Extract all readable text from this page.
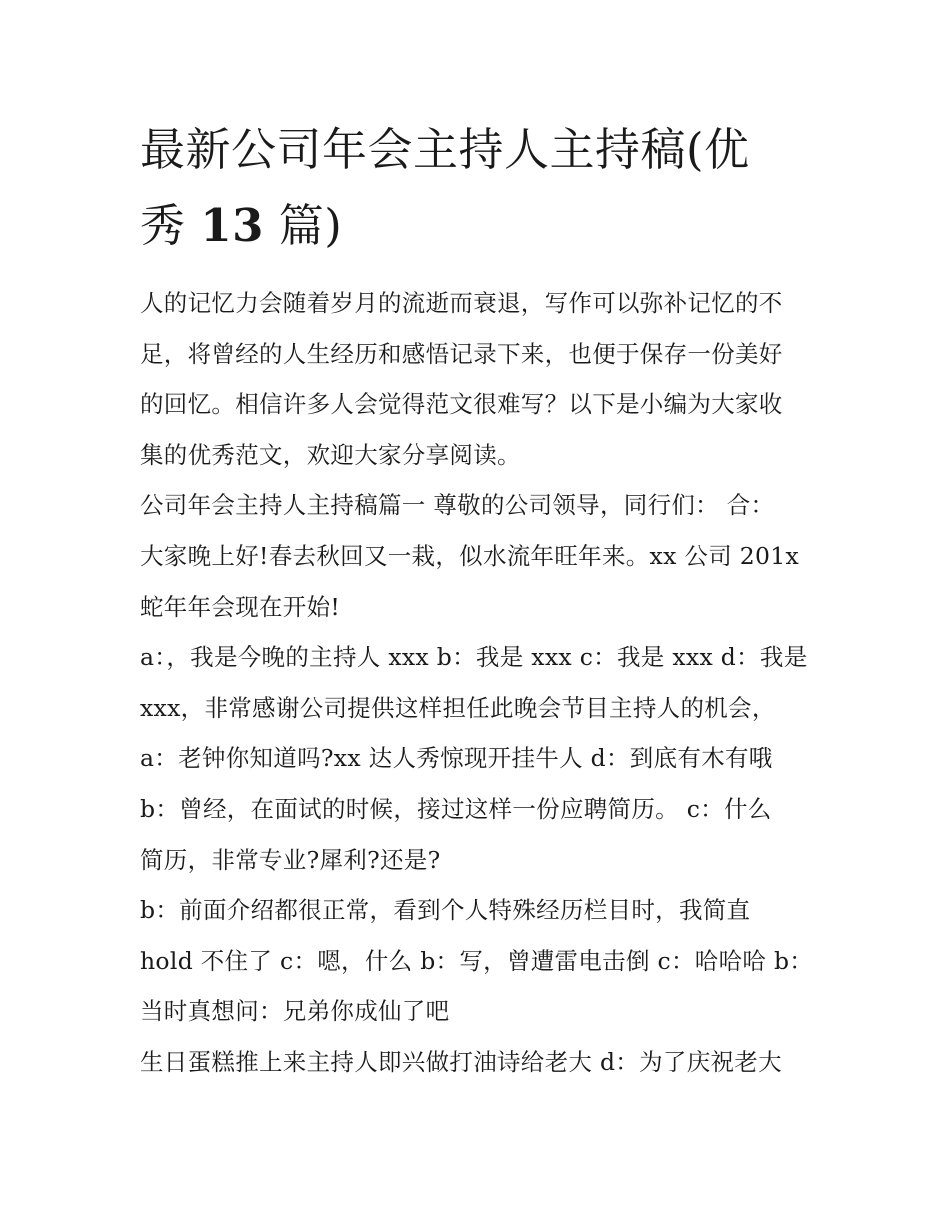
最新公司年会主持人主持稿(优
秀 13 篇)
人的记忆力会随着岁月的流逝而衰退，写作可以弥补记忆的不
足，将曾经的人生经历和感悟记录下来，也便于保存一份美好
的回忆。相信许多人会觉得范文很难写？以下是小编为大家收
集的优秀范文，欢迎大家分享阅读。
公司年会主持人主持稿篇一 尊敬的公司领导，同行们： 合：
大家晚上好!春去秋回又一栽，似水流年旺年来。xx 公司 201x
蛇年年会现在开始!
a：，我是今晚的主持人 xxx b：我是 xxx c：我是 xxx d：我是
xxx，非常感谢公司提供这样担任此晚会节目主持人的机会，
a：老钟你知道吗?xx 达人秀惊现开挂牛人 d：到底有木有哦
b：曾经，在面试的时候，接过这样一份应聘简历。 c：什么
简历，非常专业?犀利?还是?
b：前面介绍都很正常，看到个人特殊经历栏目时，我简直
hold 不住了 c：嗯，什么 b：写，曾遭雷电击倒 c：哈哈哈 b：
当时真想问：兄弟你成仙了吧
生日蛋糕推上来主持人即兴做打油诗给老大 d：为了庆祝老大
